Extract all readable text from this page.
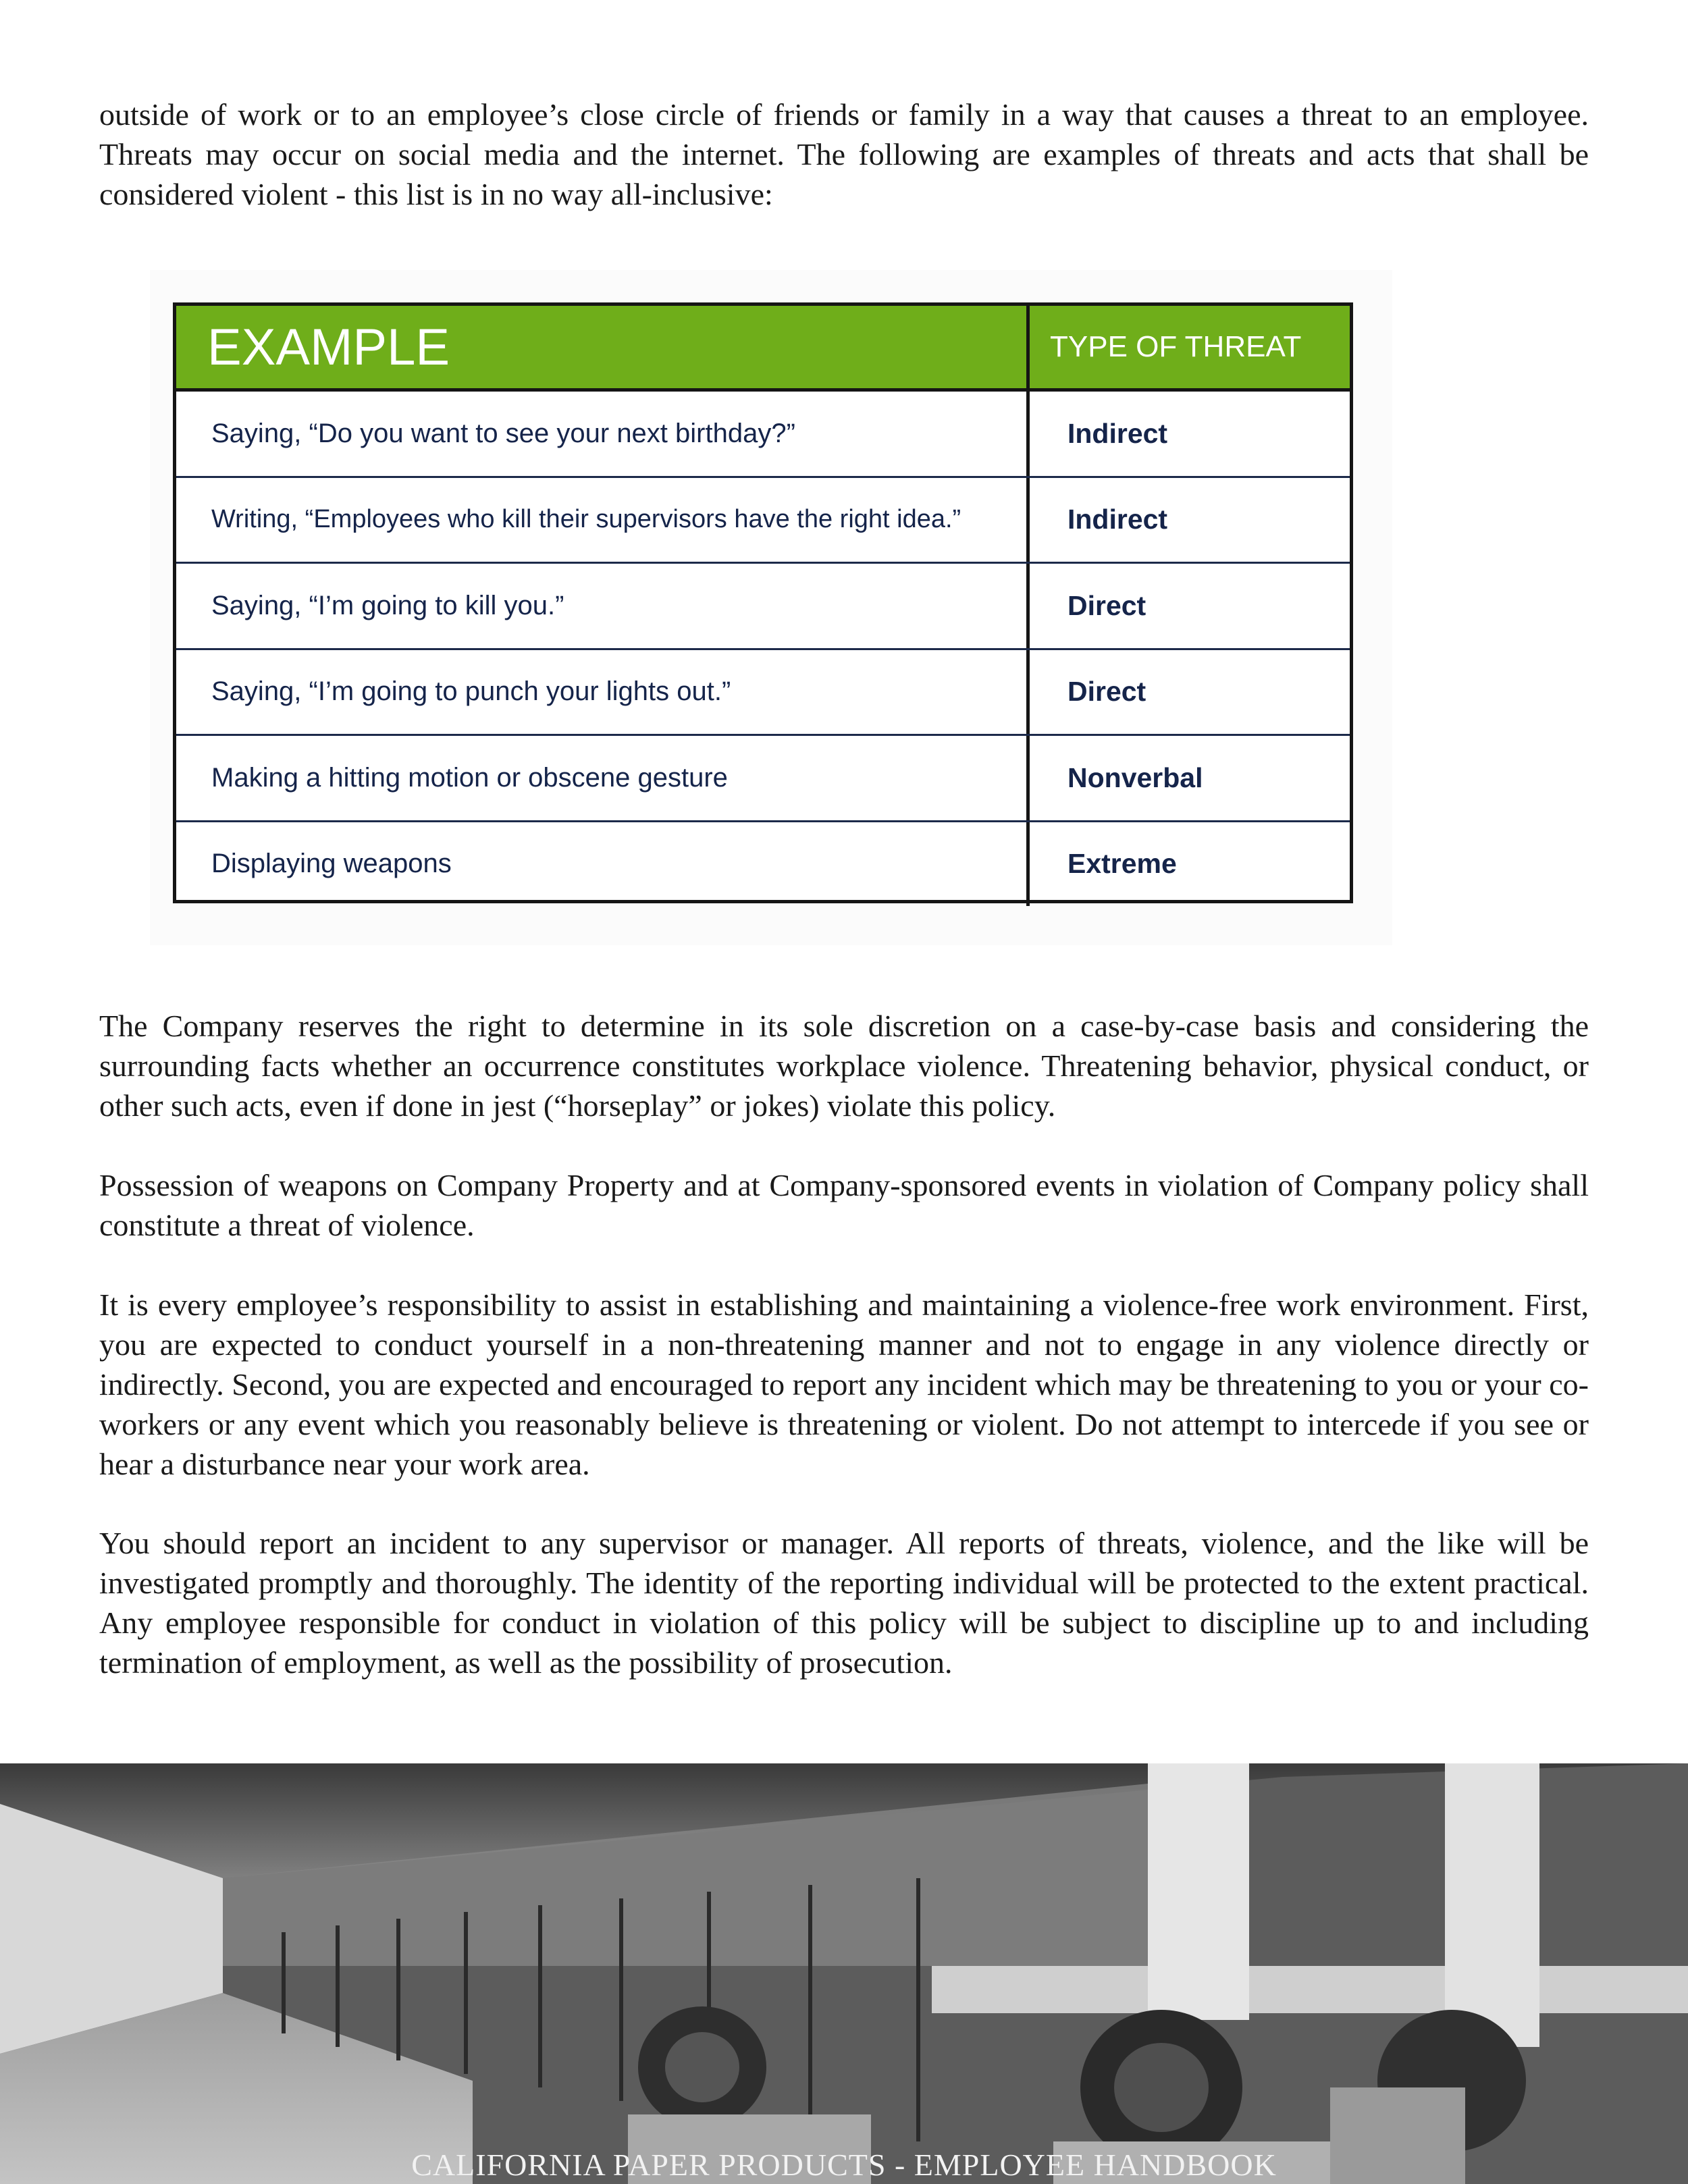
outside of work or to an employee’s close circle of friends or family in a way that causes a threat to an employee. Threats may occur on social media and the internet. The following are examples of threats and acts that shall be considered violent - this list is in no way all-inclusive:

EXAMPLE	TYPE OF THREAT
Saying, “Do you want to see your next birthday?”	Indirect
Writing, “Employees who kill their supervisors have the right idea.”	Indirect
Saying, “I’m going to kill you.”	Direct
Saying, “I’m going to punch your lights out.”	Direct
Making a hitting motion or obscene gesture	Nonverbal
Displaying weapons	Extreme

The Company reserves the right to determine in its sole discretion on a case-by-case basis and considering the surrounding facts whether an occurrence constitutes workplace violence. Threatening behavior, physical conduct, or other such acts, even if done in jest (“horseplay” or jokes) violate this policy.

Possession of weapons on Company Property and at Company-sponsored events in violation of Company policy shall constitute a threat of violence.

It is every employee’s responsibility to assist in establishing and maintaining a violence-free work environment. First, you are expected to conduct yourself in a non-threatening manner and not to engage in any violence directly or indirectly. Second, you are expected and encouraged to report any incident which may be threatening to you or your co-workers or any event which you reasonably believe is threatening or violent. Do not attempt to intercede if you see or hear a disturbance near your work area.

You should report an incident to any supervisor or manager. All reports of threats, violence, and the like will be investigated promptly and thoroughly. The identity of the reporting individual will be protected to the extent practical. Any employee responsible for conduct in violation of this policy will be subject to discipline up to and including termination of employment, as well as the possibility of prosecution.

CALIFORNIA PAPER PRODUCTS - EMPLOYEE HANDBOOK
